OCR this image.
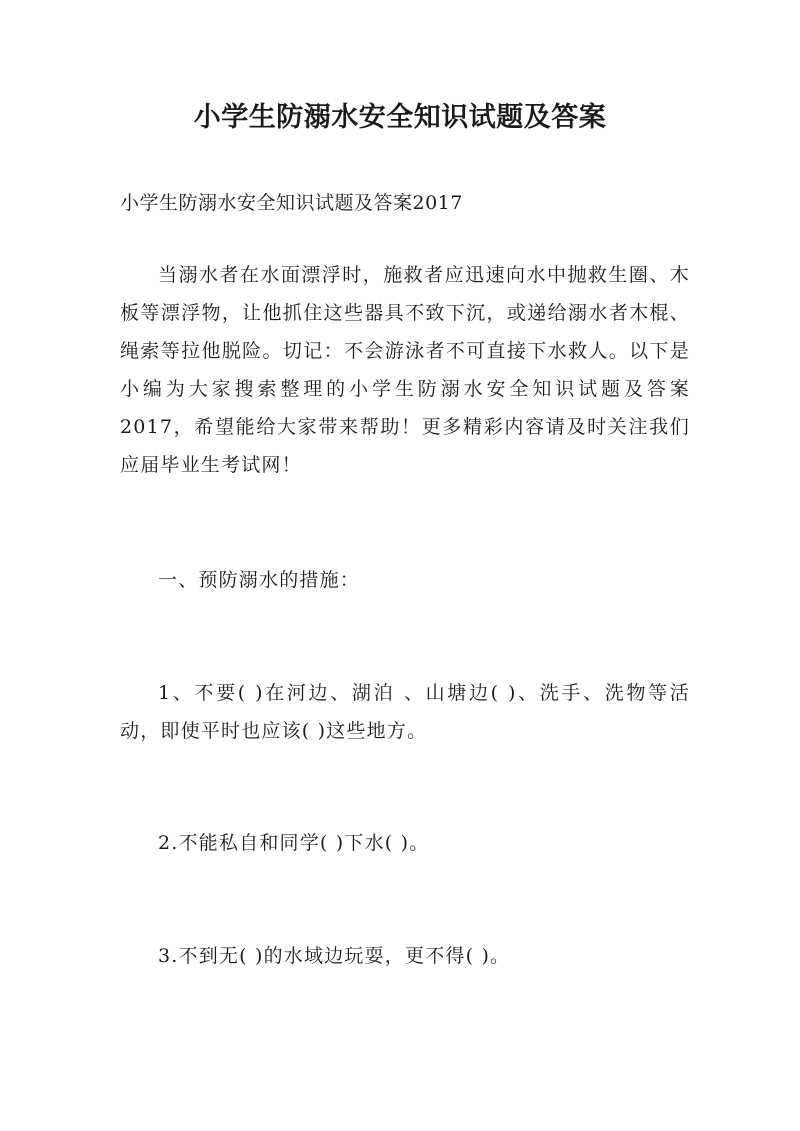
小学生防溺水安全知识试题及答案
小学生防溺水安全知识试题及答案2017

当溺水者在水面漂浮时，施救者应迅速向水中抛救生圈、木板等漂浮物，让他抓住这些器具不致下沉，或递给溺水者木棍、绳索等拉他脱险。切记：不会游泳者不可直接下水救人。以下是小编为大家搜索整理的小学生防溺水安全知识试题及答案2017，希望能给大家带来帮助！更多精彩内容请及时关注我们应届毕业生考试网！

一、预防溺水的措施：

1、不要( )在河边、湖泊 、山塘边( )、洗手、洗物等活动，即使平时也应该( )这些地方。

2.不能私自和同学( )下水( )。

3.不到无( )的水域边玩耍，更不得( )。
